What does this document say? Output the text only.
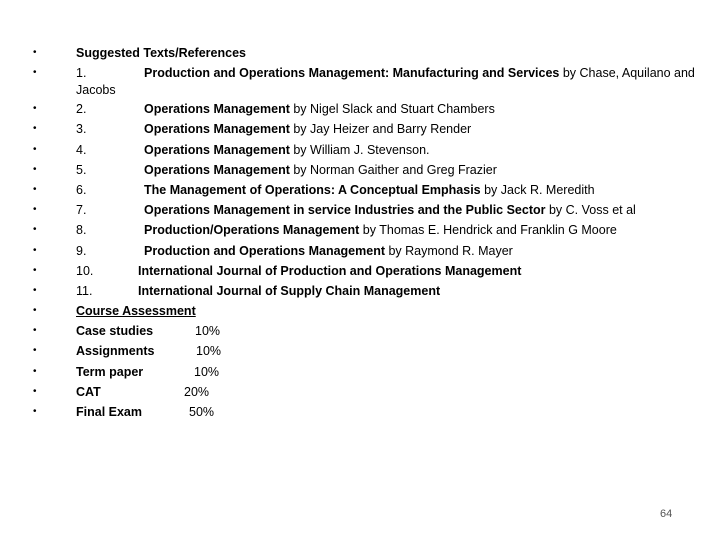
•	Suggested Texts/References
•	1.	Production and Operations Management: Manufacturing and Services by Chase, Aquilano and
Jacobs
•	2.	Operations Management by Nigel Slack and Stuart Chambers
•	3.	Operations Management by Jay Heizer and Barry Render
•	4.	Operations Management by William J. Stevenson.
•	5.	Operations Management by Norman Gaither and Greg Frazier
•	6.	The Management of Operations: A Conceptual Emphasis by Jack R. Meredith
•	7.	Operations Management in service Industries and the Public Sector by C. Voss et al
•	8.	Production/Operations Management by Thomas E. Hendrick and Franklin G Moore
•	9.	Production and Operations Management by Raymond R. Mayer
•	10.	International Journal of Production and Operations Management
•	11.	International Journal of Supply Chain Management
•	Course Assessment
•	Case studies	10%
•	Assignments	10%
•	Term paper	10%
•	CAT	20%
•	Final Exam	50%
64
